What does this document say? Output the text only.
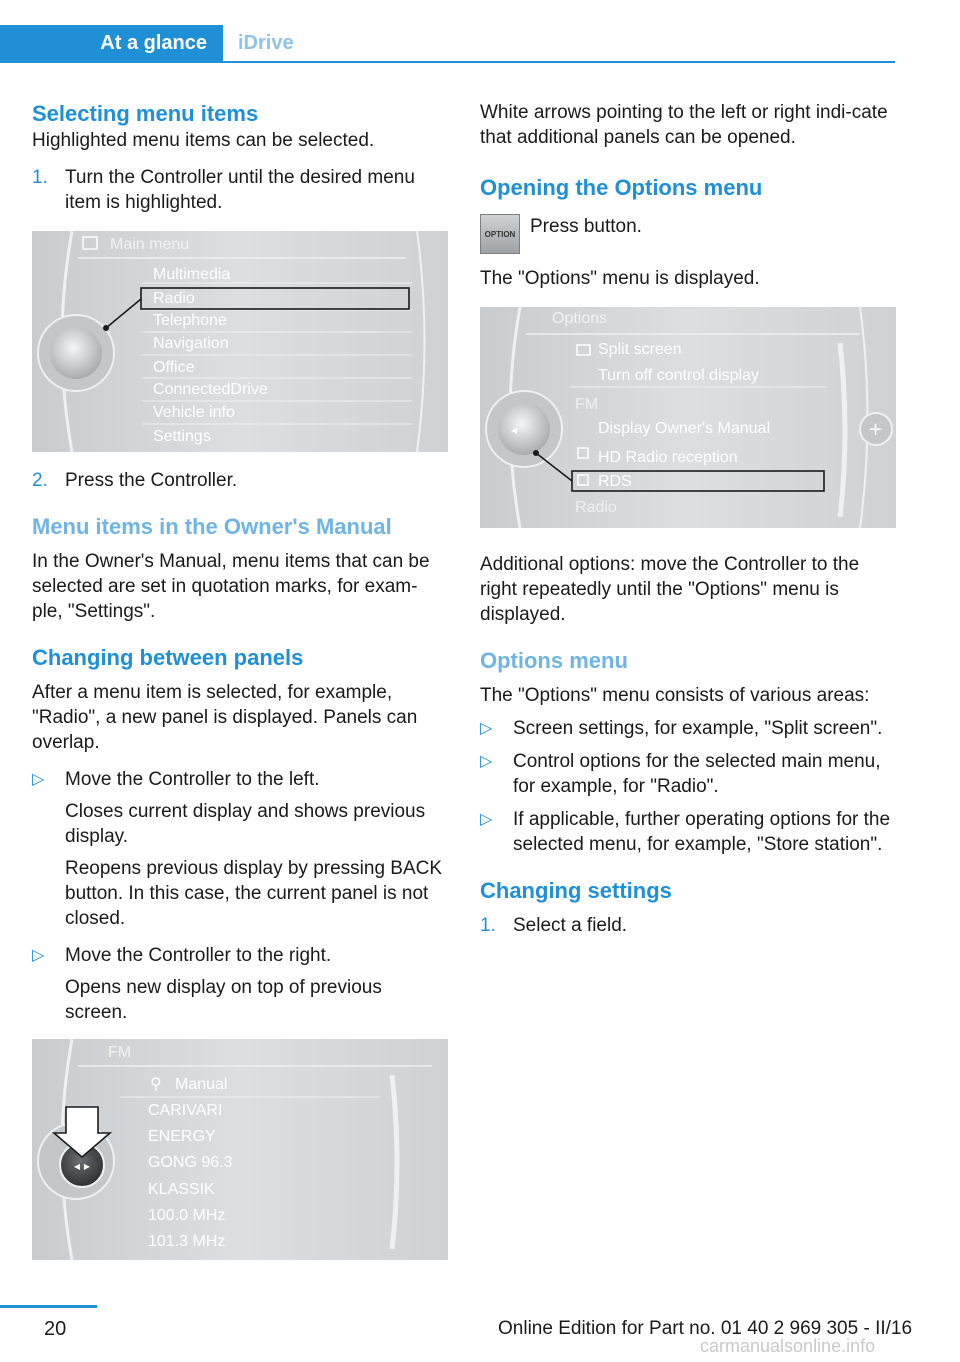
At a glance	iDrive
Selecting menu items

Highlighted menu items can be selected.

1. Turn the Controller until the desired menu item is highlighted.
Main menu
Multimedia
Radio
Telephone
Navigation
Office
ConnectedDrive
Vehicle info
Settings
2. Press the Controller.
Menu items in the Owner's Manual

In the Owner's Manual, menu items that can be selected are set in quotation marks, for exam‐ple, "Settings".

Changing between panels

After a menu item is selected, for example, "Radio", a new panel is displayed. Panels can overlap.

▷ Move the Controller to the left.
Closes current display and shows previous display.
Reopens previous display by pressing BACK button. In this case, the current panel is not closed.
▷ Move the Controller to the right.
Opens new display on top of previous screen.
◂ ▸
FM
⚲ Manual
CARIVARI
ENERGY
GONG 96.3
KLASSIK
100.0 MHz
101.3 MHz

White arrows pointing to the left or right indi‐cate that additional panels can be opened.

Opening the Options menu
OPTION Press button.

The "Options" menu is displayed.

+
◂
Options
Split screen
Turn off control display
FM
Display Owner's Manual
HD Radio reception
RDS
Radio

Additional options: move the Controller to the right repeatedly until the "Options" menu is displayed.

Options menu

The "Options" menu consists of various areas:

▷ Screen settings, for example, "Split screen".
▷ Control options for the selected main menu, for example, for "Radio".
▷ If applicable, further operating options for the selected menu, for example, "Store station".
Changing settings
1. Select a field.
20	Online Edition for Part no. 01 40 2 969 305 - II/16
carmanualsonline.info
